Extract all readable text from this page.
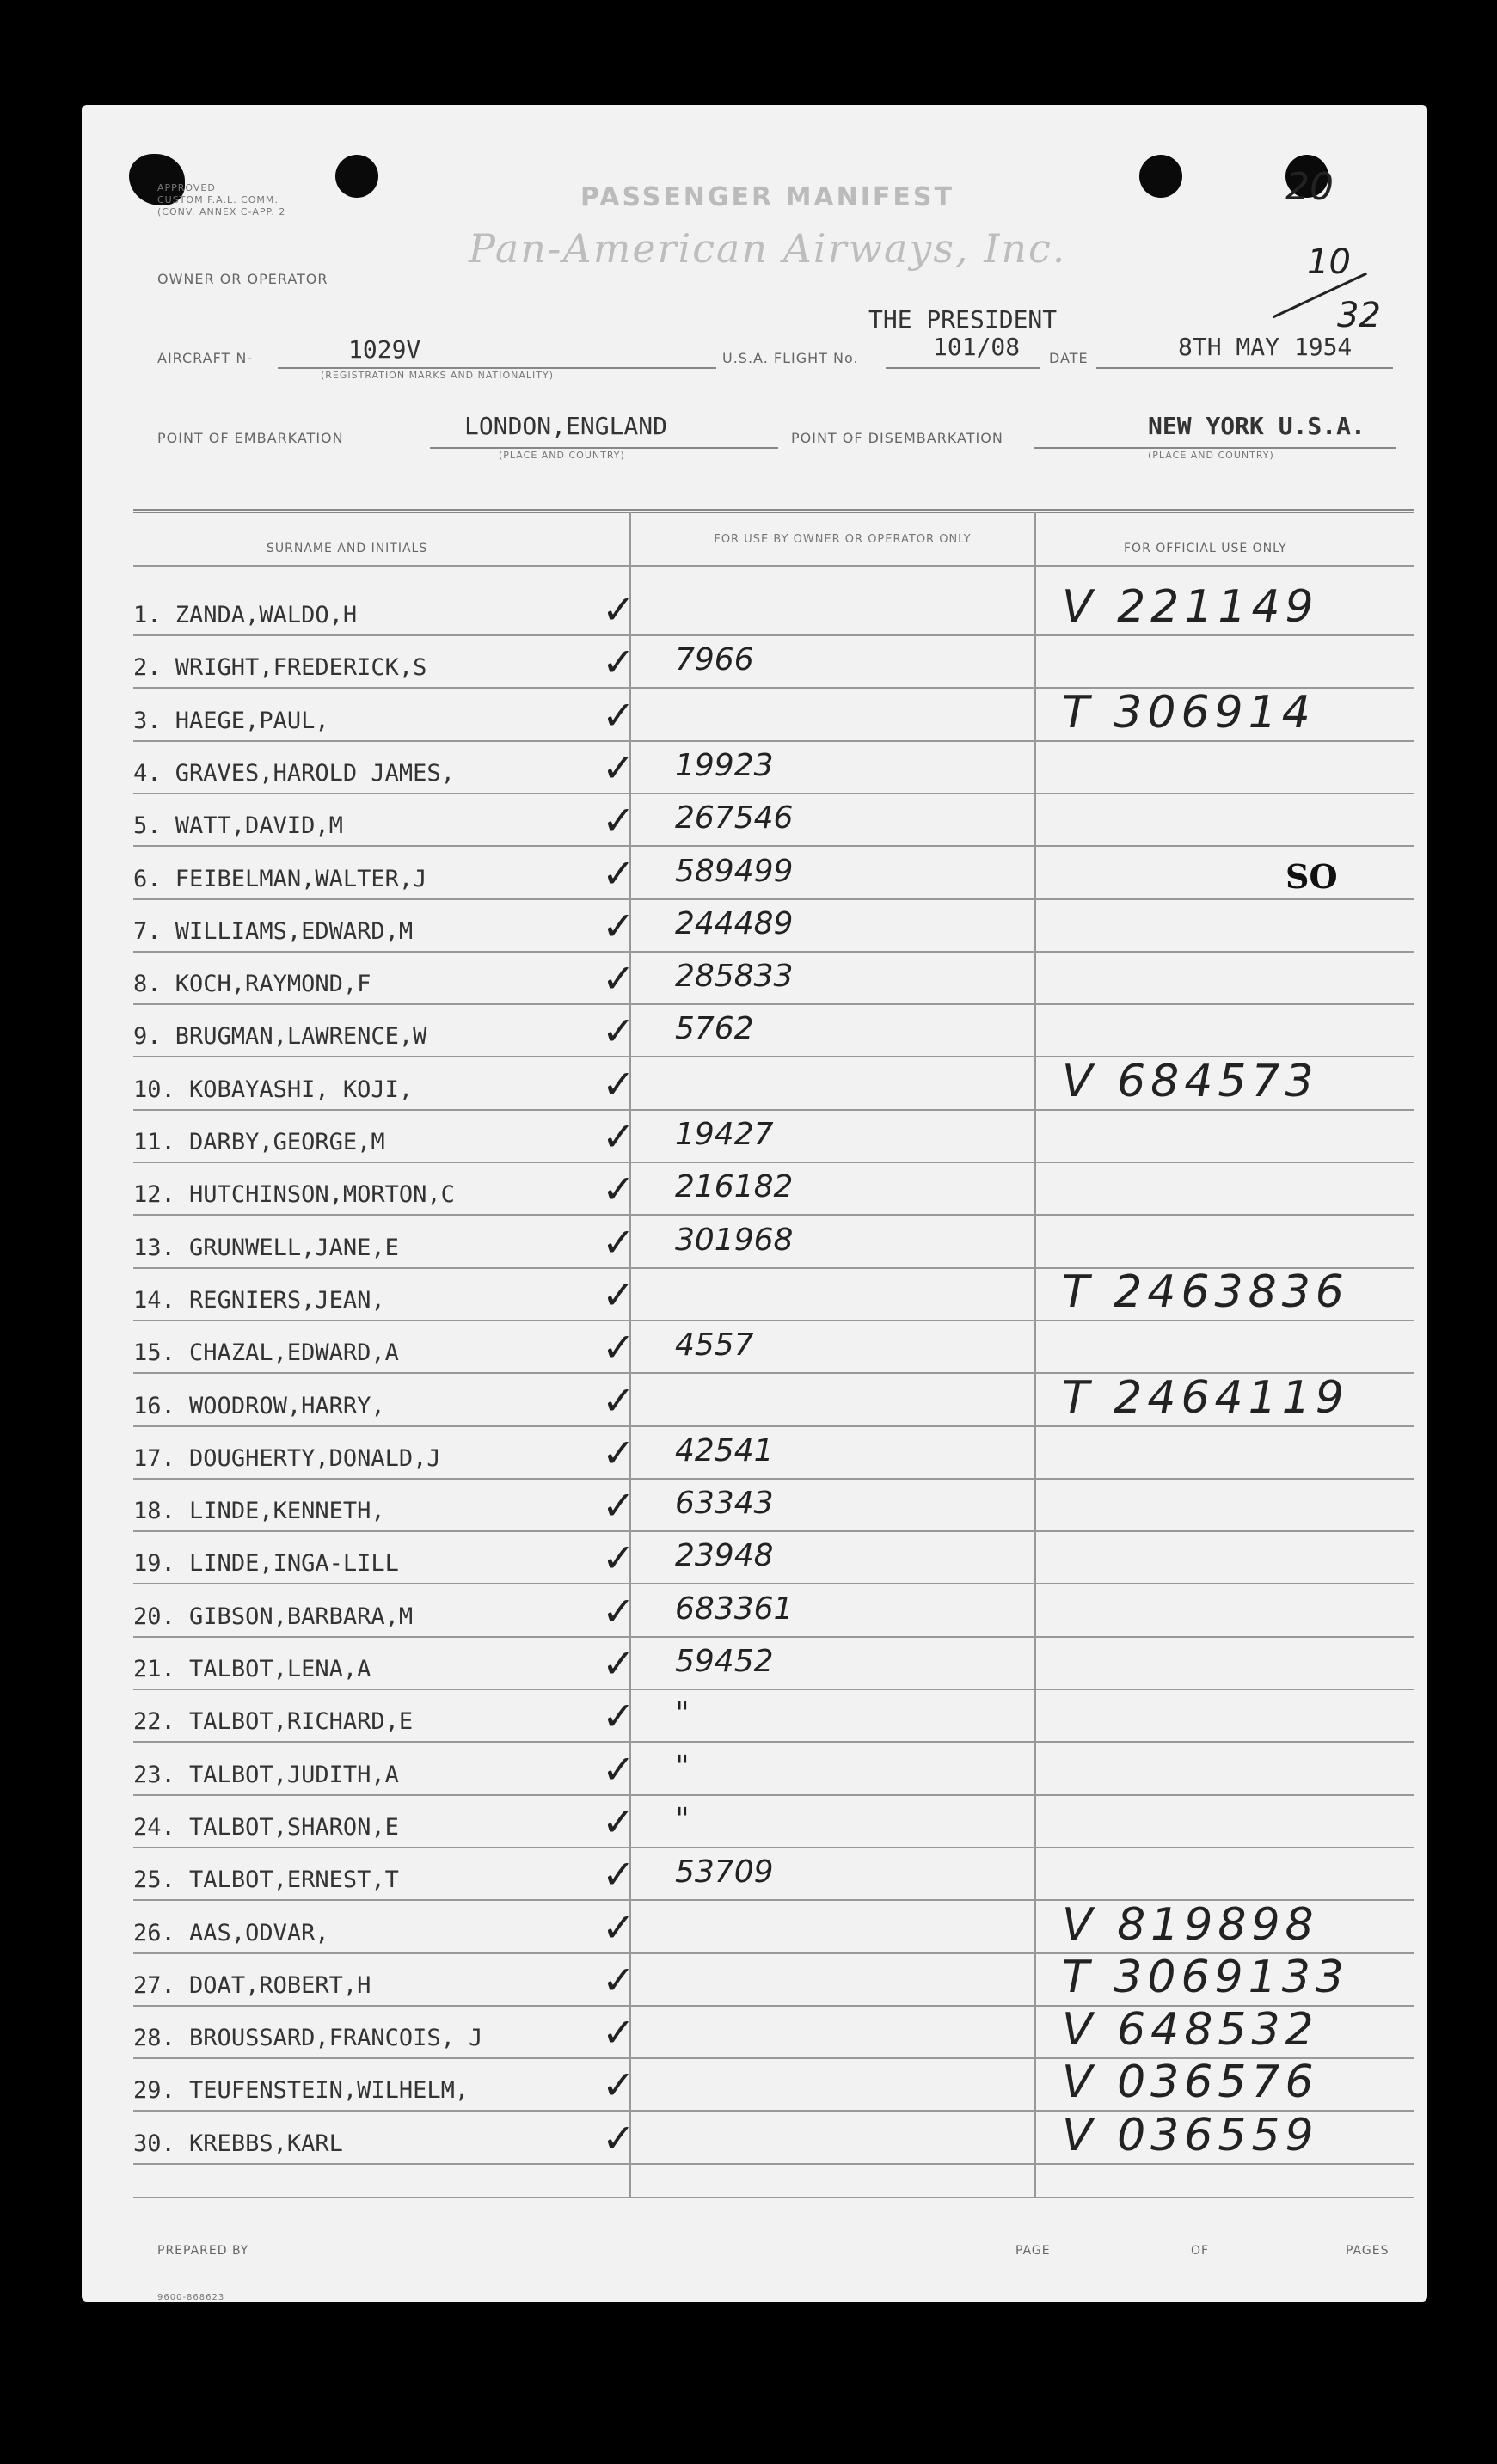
APPROVED
CUSTOM F.A.L. COMM.
(CONV. ANNEX C-APP. 2	PASSENGER MANIFEST
Pan-American Airways, Inc.
20
10
32
OWNER OR OPERATOR
AIRCRAFT N-	1029V
(REGISTRATION MARKS AND NATIONALITY)
THE PRESIDENT
U.S.A. FLIGHT No.	101/08 DATE	8TH MAY 1954
POINT OF EMBARKATION	LONDON,ENGLAND
(PLACE AND COUNTRY)
POINT OF DISEMBARKATION	NEW YORK U.S.A.
(PLACE AND COUNTRY)
SURNAME AND INITIALS
FOR USE BY OWNER OR OPERATOR ONLY
FOR OFFICIAL USE ONLY
1. ZANDA,WALDO,H	✓	V 221149
2. WRIGHT,FREDERICK,S	✓ 7966
3. HAEGE,PAUL,	✓	T 306914
4. GRAVES,HAROLD JAMES,	✓ 19923
5. WATT,DAVID,M	✓ 267546
6. FEIBELMAN,WALTER,J	✓ 589499	SO
7. WILLIAMS,EDWARD,M	✓ 244489
8. KOCH,RAYMOND,F	✓ 285833
9. BRUGMAN,LAWRENCE,W	✓ 5762
10. KOBAYASHI, KOJI,	✓	V 684573
11. DARBY,GEORGE,M	✓ 19427
12. HUTCHINSON,MORTON,C	✓ 216182
13. GRUNWELL,JANE,E	✓ 301968
14. REGNIERS,JEAN,	✓	T 2463836
15. CHAZAL,EDWARD,A	✓ 4557
16. WOODROW,HARRY,	✓	T 2464119
17. DOUGHERTY,DONALD,J	✓ 42541
18. LINDE,KENNETH,	✓ 63343
19. LINDE,INGA-LILL	✓ 23948
20. GIBSON,BARBARA,M	✓ 683361
21. TALBOT,LENA,A	✓ 59452
22. TALBOT,RICHARD,E	✓ "
23. TALBOT,JUDITH,A	✓ "
24. TALBOT,SHARON,E	✓ "
25. TALBOT,ERNEST,T	✓ 53709
26. AAS,ODVAR,	✓	V 819898
27. DOAT,ROBERT,H	✓	T 3069133
28. BROUSSARD,FRANCOIS, J	✓	V 648532
29. TEUFENSTEIN,WILHELM,	✓	V 036576
30. KREBBS,KARL	✓	V 036559
PREPARED BY	PAGE	OF	PAGES
9600-868623
